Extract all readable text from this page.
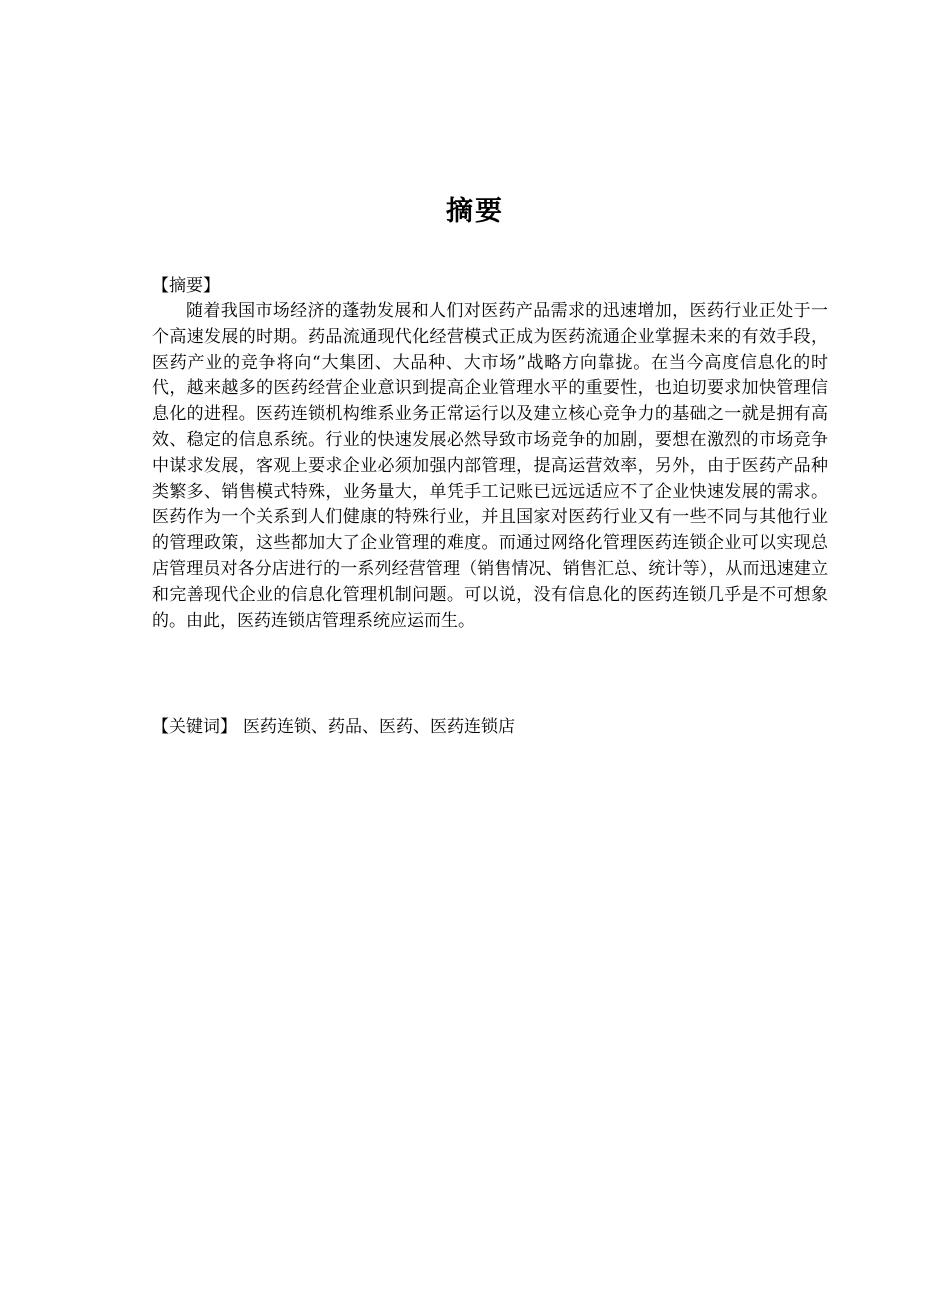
摘要
【摘要】

随着我国市场经济的蓬勃发展和人们对医药产品需求的迅速增加，医药行业正处于一个高速发展的时期。药品流通现代化经营模式正成为医药流通企业掌握未来的有效手段，医药产业的竞争将向“大集团、大品种、大市场”战略方向靠拢。在当今高度信息化的时代，越来越多的医药经营企业意识到提高企业管理水平的重要性，也迫切要求加快管理信息化的进程。医药连锁机构维系业务正常运行以及建立核心竞争力的基础之一就是拥有高效、稳定的信息系统。行业的快速发展必然导致市场竞争的加剧，要想在激烈的市场竞争中谋求发展，客观上要求企业必须加强内部管理，提高运营效率，另外，由于医药产品种类繁多、销售模式特殊，业务量大，单凭手工记账已远远适应不了企业快速发展的需求。医药作为一个关系到人们健康的特殊行业，并且国家对医药行业又有一些不同与其他行业的管理政策，这些都加大了企业管理的难度。而通过网络化管理医药连锁企业可以实现总店管理员对各分店进行的一系列经营管理（销售情况、销售汇总、统计等），从而迅速建立和完善现代企业的信息化管理机制问题。可以说，没有信息化的医药连锁几乎是不可想象的。由此，医药连锁店管理系统应运而生。

【关键词】 医药连锁、药品、医药、医药连锁店
